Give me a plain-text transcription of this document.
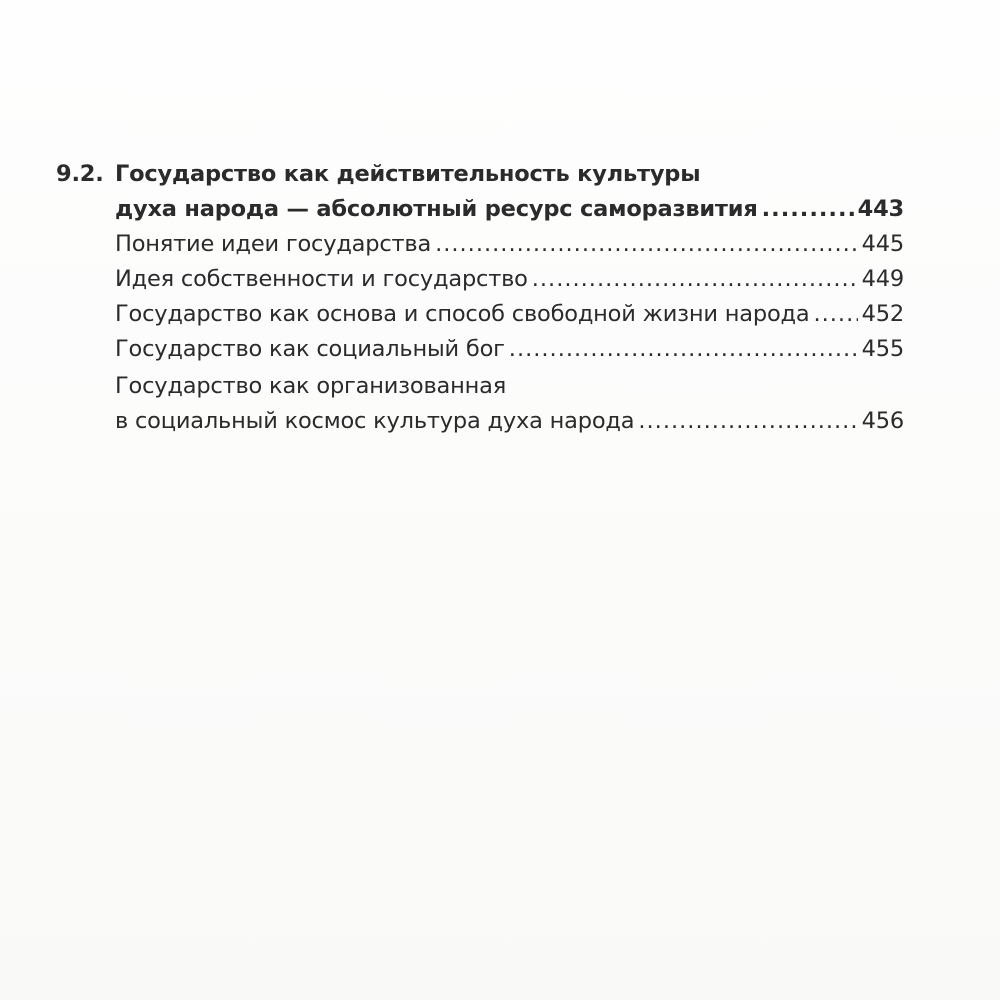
9.2. Государство как действительность культуры
духа народа — абсолютный ресурс саморазвития .....	443
Понятие идеи государства .....	445
Идея собственности и государство .....	449
Государство как основа и способ свободной жизни народа ..... 452
Государство как социальный бог .....	455
Государство как организованная
в социальный космос культура духа народа .....	456
